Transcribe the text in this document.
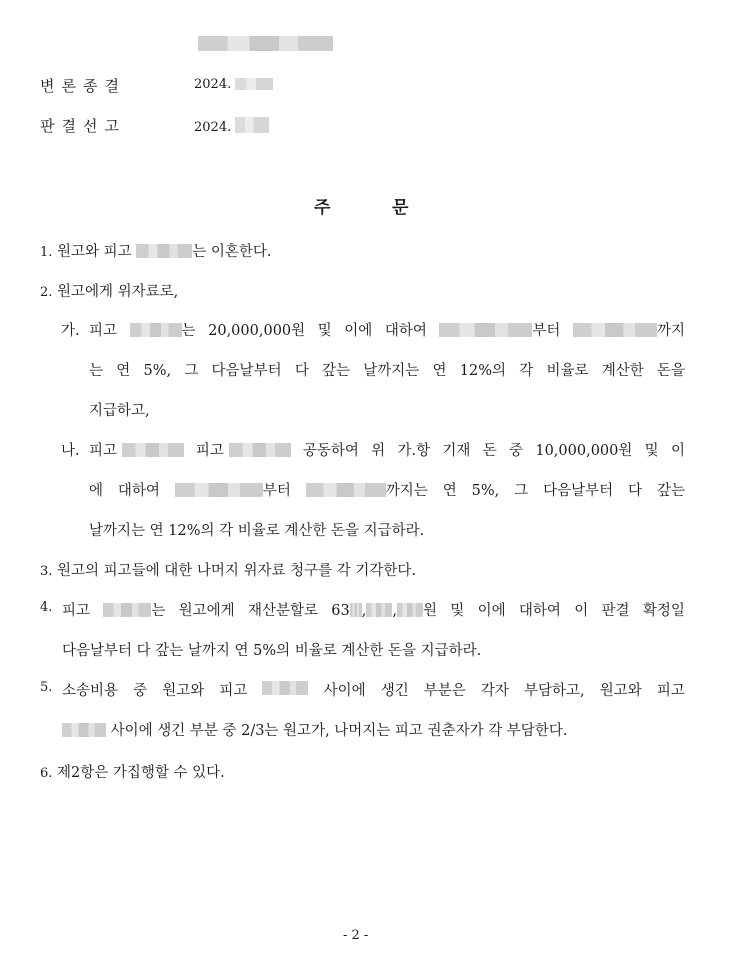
변론종결	2024.
판결선고	2024.
주	문
1. 원고와 피고	는 이혼한다.
2. 원고에게 위자료로,
가. 피고	는 20,000,000원 및 이에 대하여	부터	까지
는 연 5%, 그 다음날부터 다 갚는 날까지는 연 12%의 각 비율로 계산한 돈을
지급하고,
나. 피고	피고	공동하여 위 가.항 기재 돈 중 10,000,000원 및 이
에 대하여	부터	까지는 연 5%, 그 다음날부터 다 갚는
날까지는 연 12%의 각 비율로 계산한 돈을 지급하라.
3. 원고의 피고들에 대한 나머지 위자료 청구를 각 기각한다.
4. 피고	는 원고에게 재산분할로 63 , , 원 및 이에 대하여 이 판결 확정일
다음날부터 다 갚는 날까지 연 5%의 비율로 계산한 돈을 지급하라.
5. 소송비용 중 원고와 피고	사이에 생긴 부분은 각자 부담하고, 원고와 피고
사이에 생긴 부분 중 2/3는 원고가, 나머지는 피고 권춘자가 각 부담한다.
6. 제2항은 가집행할 수 있다.
- 2 -
